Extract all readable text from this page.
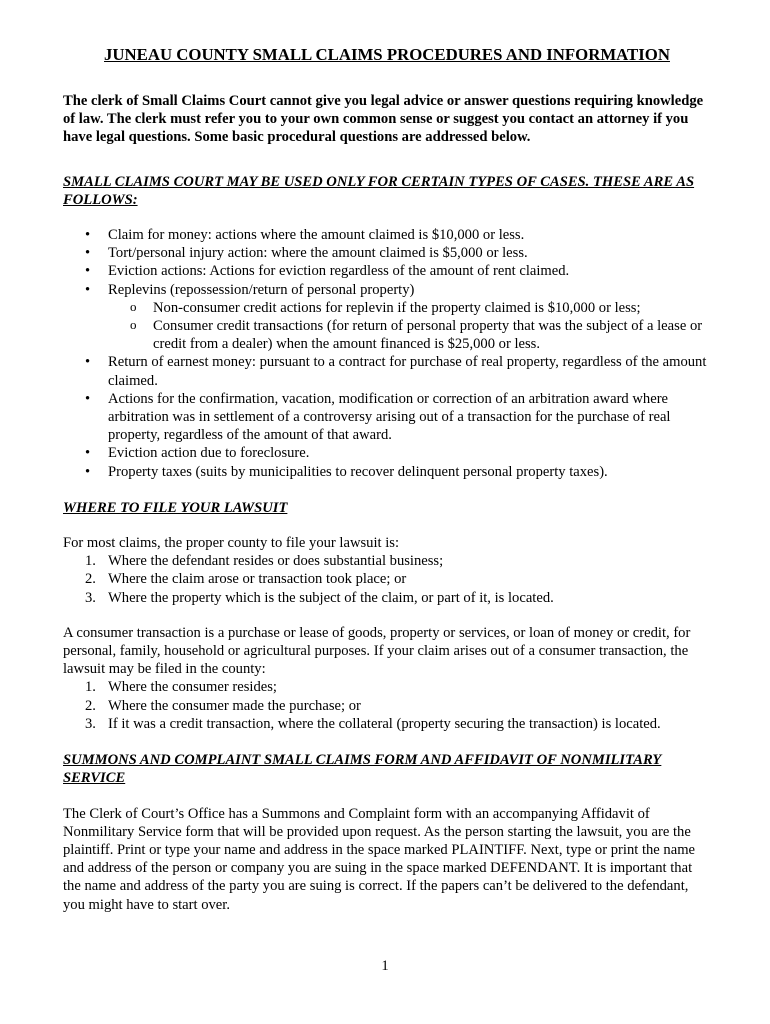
JUNEAU COUNTY SMALL CLAIMS PROCEDURES AND INFORMATION

The clerk of Small Claims Court cannot give you legal advice or answer questions requiring knowledge of law. The clerk must refer you to your own common sense or suggest you contact an attorney if you have legal questions. Some basic procedural questions are addressed below.

SMALL CLAIMS COURT MAY BE USED ONLY FOR CERTAIN TYPES OF CASES. THESE ARE AS FOLLOWS:

• Claim for money: actions where the amount claimed is $10,000 or less.
• Tort/personal injury action: where the amount claimed is $5,000 or less.
• Eviction actions: Actions for eviction regardless of the amount of rent claimed.
• Replevins (repossession/return of personal property)
o Non-consumer credit actions for replevin if the property claimed is $10,000 or less;
o Consumer credit transactions (for return of personal property that was the subject of a lease or credit from a dealer) when the amount financed is $25,000 or less.
• Return of earnest money: pursuant to a contract for purchase of real property, regardless of the amount claimed.
• Actions for the confirmation, vacation, modification or correction of an arbitration award where arbitration was in settlement of a controversy arising out of a transaction for the purchase of real property, regardless of the amount of that award.
• Eviction action due to foreclosure.
• Property taxes (suits by municipalities to recover delinquent personal property taxes).

WHERE TO FILE YOUR LAWSUIT

For most claims, the proper county to file your lawsuit is:

1. Where the defendant resides or does substantial business;
2. Where the claim arose or transaction took place; or
3. Where the property which is the subject of the claim, or part of it, is located.

A consumer transaction is a purchase or lease of goods, property or services, or loan of money or credit, for personal, family, household or agricultural purposes. If your claim arises out of a consumer transaction, the lawsuit may be filed in the county:

1. Where the consumer resides;
2. Where the consumer made the purchase; or
3. If it was a credit transaction, where the collateral (property securing the transaction) is located.

SUMMONS AND COMPLAINT SMALL CLAIMS FORM AND AFFIDAVIT OF NONMILITARY SERVICE

The Clerk of Court’s Office has a Summons and Complaint form with an accompanying Affidavit of Nonmilitary Service form that will be provided upon request. As the person starting the lawsuit, you are the plaintiff. Print or type your name and address in the space marked PLAINTIFF. Next, type or print the name and address of the person or company you are suing in the space marked DEFENDANT. It is important that the name and address of the party you are suing is correct. If the papers can’t be delivered to the defendant, you might have to start over.

1
